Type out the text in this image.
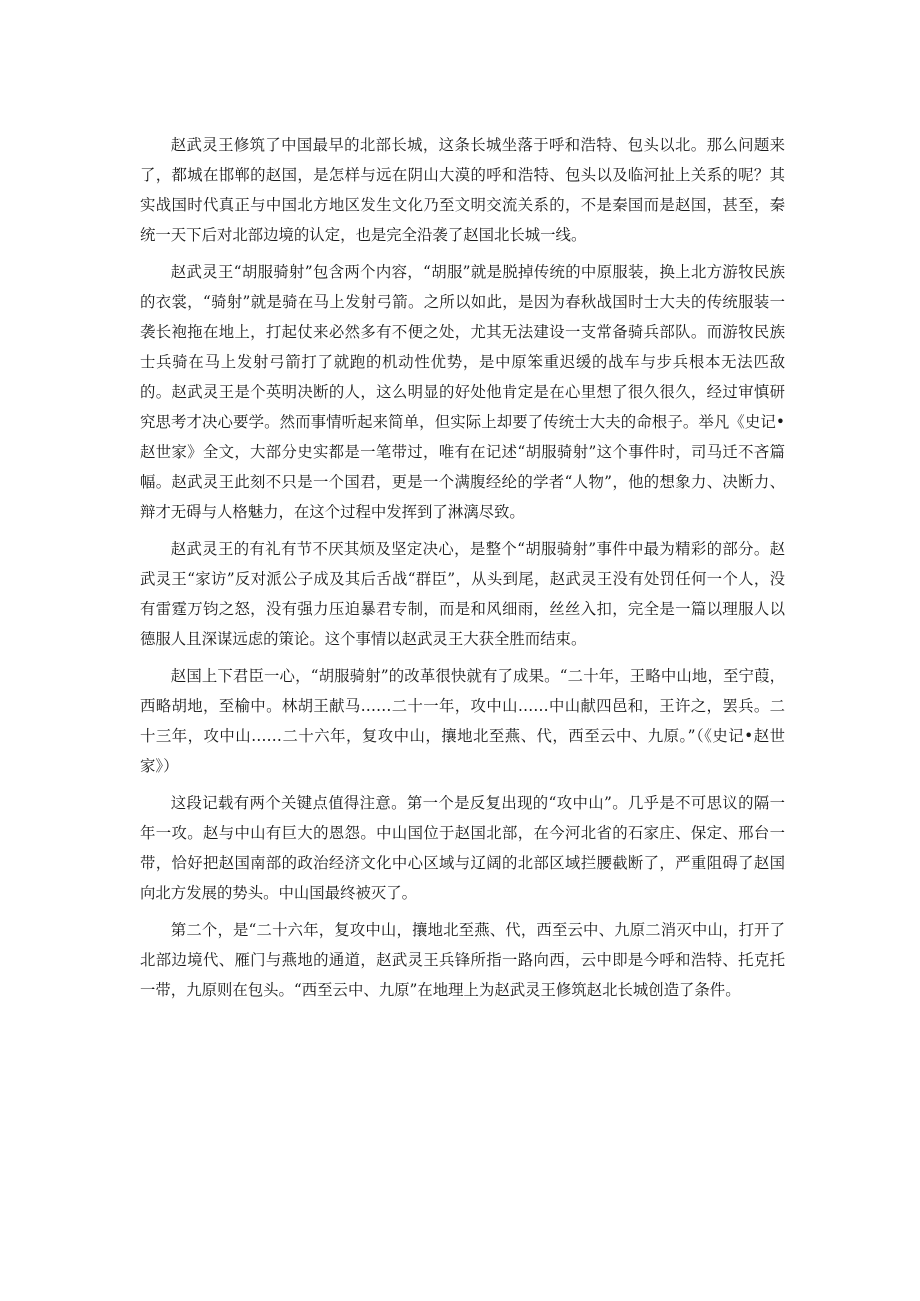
赵武灵王修筑了中国最早的北部长城，这条长城坐落于呼和浩特、包头以北。那么问题来了，都城在邯郸的赵国，是怎样与远在阴山大漠的呼和浩特、包头以及临河扯上关系的呢？其实战国时代真正与中国北方地区发生文化乃至文明交流关系的，不是秦国而是赵国，甚至，秦统一天下后对北部边境的认定，也是完全沿袭了赵国北长城一线。

赵武灵王“胡服骑射”包含两个内容，“胡服”就是脱掉传统的中原服装，换上北方游牧民族的衣裳，“骑射”就是骑在马上发射弓箭。之所以如此，是因为春秋战国时士大夫的传统服装一袭长袍拖在地上，打起仗来必然多有不便之处，尤其无法建设一支常备骑兵部队。而游牧民族士兵骑在马上发射弓箭打了就跑的机动性优势，是中原笨重迟缓的战车与步兵根本无法匹敌的。赵武灵王是个英明决断的人，这么明显的好处他肯定是在心里想了很久很久，经过审慎研究思考才决心要学。然而事情听起来简单，但实际上却要了传统士大夫的命根子。举凡《史记•赵世家》全文，大部分史实都是一笔带过，唯有在记述“胡服骑射”这个事件时，司马迁不吝篇幅。赵武灵王此刻不只是一个国君，更是一个满腹经纶的学者“人物”，他的想象力、决断力、辩才无碍与人格魅力，在这个过程中发挥到了淋漓尽致。

赵武灵王的有礼有节不厌其烦及坚定决心，是整个“胡服骑射”事件中最为精彩的部分。赵武灵王“家访”反对派公子成及其后舌战“群臣”，从头到尾，赵武灵王没有处罚任何一个人，没有雷霆万钧之怒，没有强力压迫暴君专制，而是和风细雨，丝丝入扣，完全是一篇以理服人以德服人且深谋远虑的策论。这个事情以赵武灵王大获全胜而结束。

赵国上下君臣一心，“胡服骑射”的改革很快就有了成果。“二十年，王略中山地，至宁葭，西略胡地，至榆中。林胡王献马……二十一年，攻中山……中山献四邑和，王许之，罢兵。二十三年，攻中山……二十六年，复攻中山，攘地北至燕、代，西至云中、九原。”（《史记•赵世家》）

这段记载有两个关键点值得注意。第一个是反复出现的“攻中山”。几乎是不可思议的隔一年一攻。赵与中山有巨大的恩怨。中山国位于赵国北部，在今河北省的石家庄、保定、邢台一带，恰好把赵国南部的政治经济文化中心区域与辽阔的北部区域拦腰截断了，严重阻碍了赵国向北方发展的势头。中山国最终被灭了。

第二个，是“二十六年，复攻中山，攘地北至燕、代，西至云中、九原二消灭中山，打开了北部边境代、雁门与燕地的通道，赵武灵王兵锋所指一路向西，云中即是今呼和浩特、托克托一带，九原则在包头。“西至云中、九原”在地理上为赵武灵王修筑赵北长城创造了条件。
